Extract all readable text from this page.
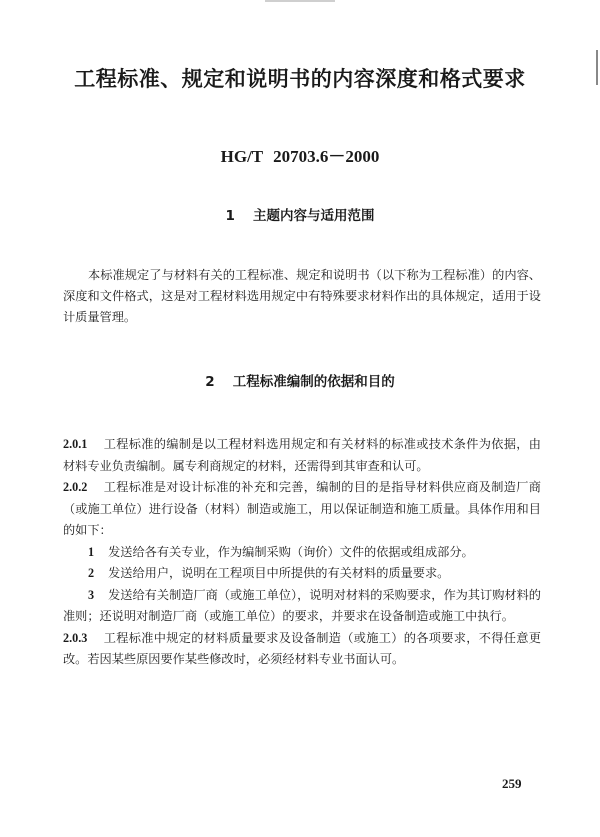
工程标准、规定和说明书的内容深度和格式要求
HG/T 20703.6－2000
1 主题内容与适用范围
本标准规定了与材料有关的工程标准、规定和说明书（以下称为工程标准）的内容、深度和文件格式，这是对工程材料选用规定中有特殊要求材料作出的具体规定，适用于设计质量管理。
2 工程标准编制的依据和目的
2.0.1 工程标准的编制是以工程材料选用规定和有关材料的标准或技术条件为依据，由材料专业负责编制。属专利商规定的材料，还需得到其审查和认可。
2.0.2 工程标准是对设计标准的补充和完善，编制的目的是指导材料供应商及制造厂商（或施工单位）进行设备（材料）制造或施工，用以保证制造和施工质量。具体作用和目的如下：
1 发送给各有关专业，作为编制采购（询价）文件的依据或组成部分。
2 发送给用户，说明在工程项目中所提供的有关材料的质量要求。
3 发送给有关制造厂商（或施工单位），说明对材料的采购要求，作为其订购材料的准则；还说明对制造厂商（或施工单位）的要求，并要求在设备制造或施工中执行。
2.0.3 工程标准中规定的材料质量要求及设备制造（或施工）的各项要求，不得任意更改。若因某些原因要作某些修改时，必须经材料专业书面认可。
259
